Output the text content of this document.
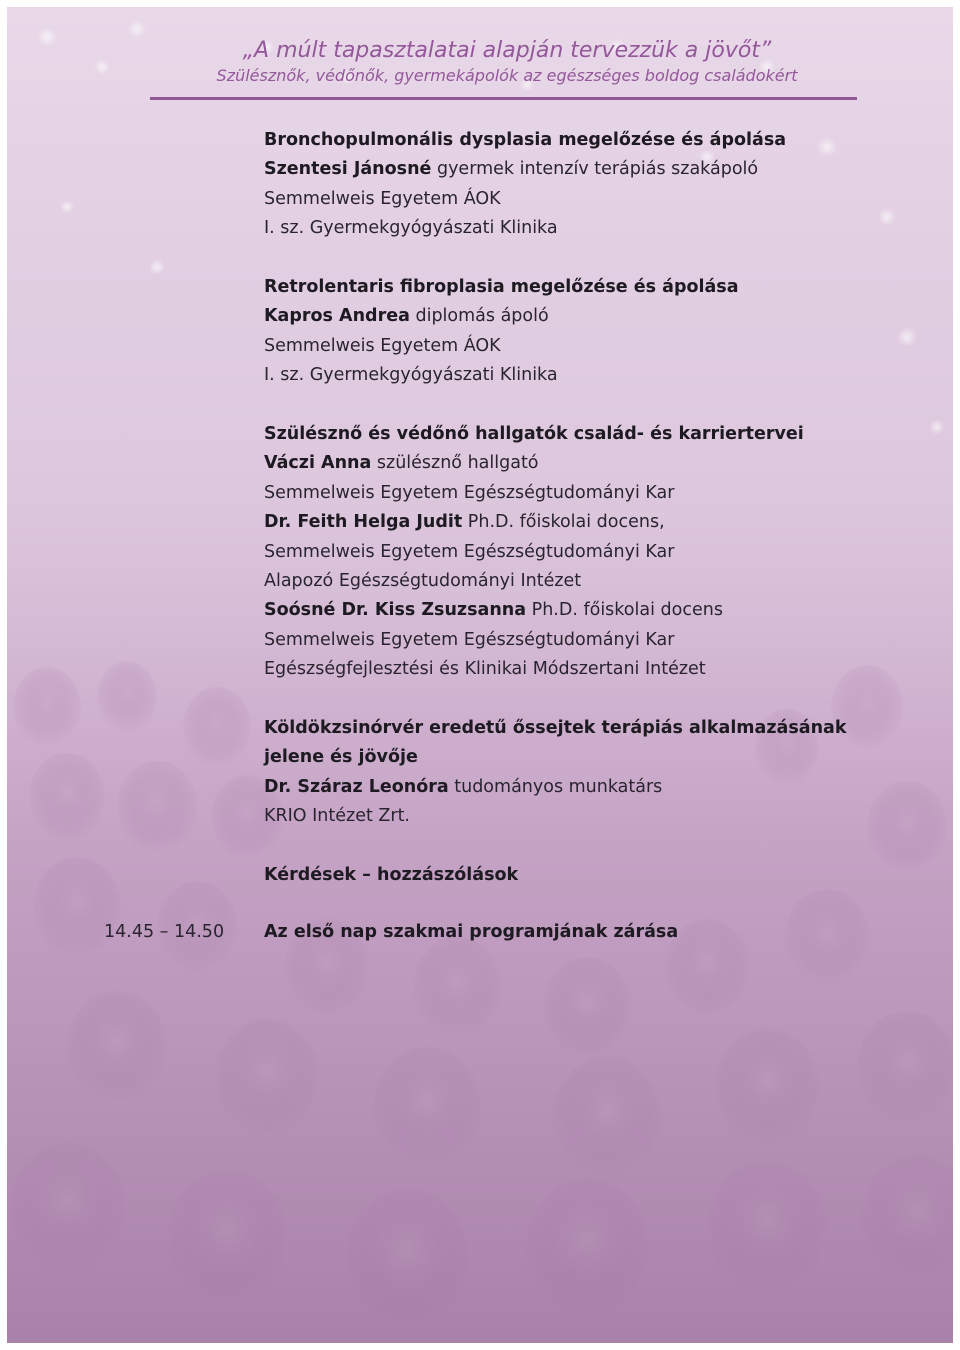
„A múlt tapasztalatai alapján tervezzük a jövőt”
Szülésznők, védőnők, gyermekápolók az egészséges boldog családokért
Bronchopulmonális dysplasia megelőzése és ápolása
Szentesi Jánosné gyermek intenzív terápiás szakápoló
Semmelweis Egyetem ÁOK
I. sz. Gyermekgyógyászati Klinika
Retrolentaris fibroplasia megelőzése és ápolása
Kapros Andrea diplomás ápoló
Semmelweis Egyetem ÁOK
I. sz. Gyermekgyógyászati Klinika
Szülésznő és védőnő hallgatók család- és karriertervei
Váczi Anna szülésznő hallgató
Semmelweis Egyetem Egészségtudományi Kar
Dr. Feith Helga Judit Ph.D. főiskolai docens,
Semmelweis Egyetem Egészségtudományi Kar
Alapozó Egészségtudományi Intézet
Soósné Dr. Kiss Zsuzsanna Ph.D. főiskolai docens
Semmelweis Egyetem Egészségtudományi Kar
Egészségfejlesztési és Klinikai Módszertani Intézet
Köldökzsinórvér eredetű őssejtek terápiás alkalmazásának
jelene és jövője
Dr. Száraz Leonóra tudományos munkatárs
KRIO Intézet Zrt.
Kérdések – hozzászólások
14.45 – 14.50 Az első nap szakmai programjának zárása
